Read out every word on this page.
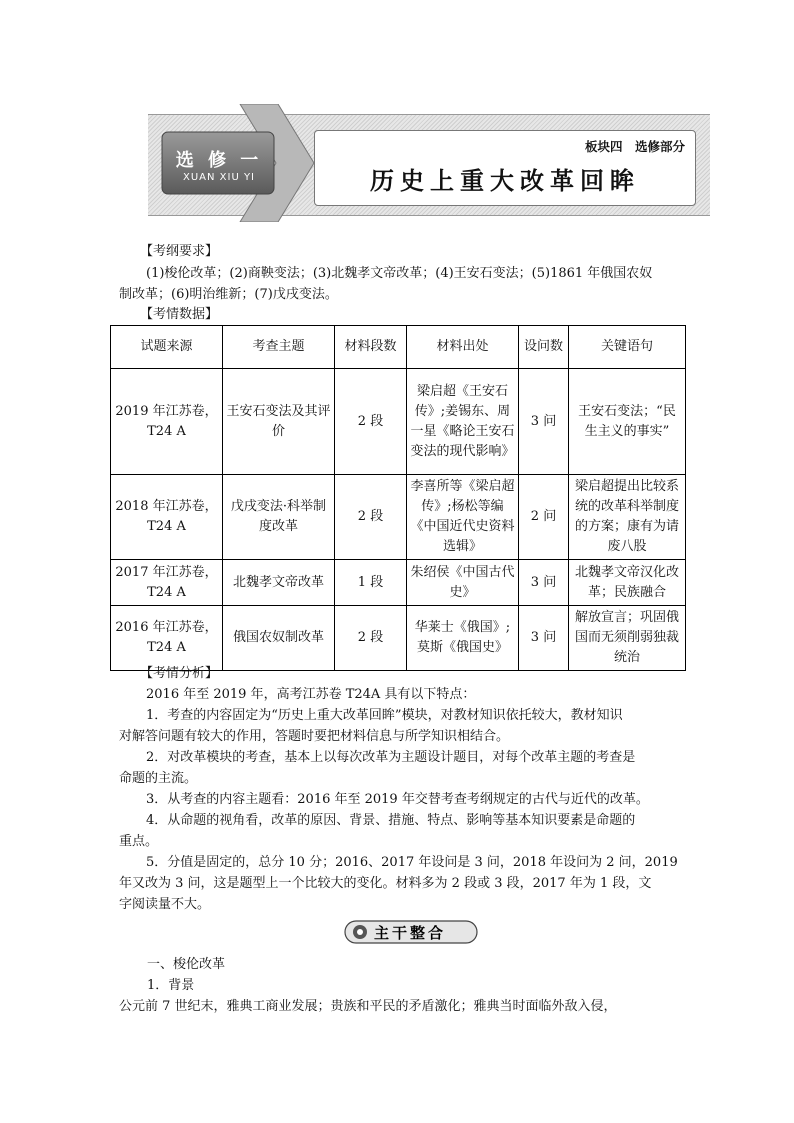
选 修 一
XUAN XIU YI
板块四　选修部分
历史上重大改革回眸
【考纲要求】
(1)梭伦改革；(2)商鞅变法；(3)北魏孝文帝改革；(4)王安石变法；(5)1861 年俄国农奴
制改革；(6)明治维新；(7)戊戌变法。
【考情数据】
试题来源	考查主题	材料段数	材料出处	设问数	关键语句
2019 年江苏卷，T24 A	王安石变法及其评价	2 段	梁启超《王安石传》;姜锡东、周一星《略论王安石变法的现代影响》	3 问	王安石变法；“民生主义的事实”
2018 年江苏卷，T24 A	戊戌变法·科举制度改革	2 段	李喜所等《梁启超传》;杨松等编《中国近代史资料选辑》	2 问	梁启超提出比较系统的改革科举制度的方案；康有为请废八股
2017 年江苏卷，T24 A	北魏孝文帝改革	1 段	朱绍侯《中国古代史》	3 问	北魏孝文帝汉化改革；民族融合
2016 年江苏卷，T24 A	俄国农奴制改革	2 段	华莱士《俄国》;莫斯《俄国史》	3 问	解放宣言；巩固俄国而无须削弱独裁统治
【考情分析】
2016 年至 2019 年，高考江苏卷 T24A 具有以下特点：
1．考查的内容固定为“历史上重大改革回眸”模块，对教材知识依托较大，教材知识
对解答问题有较大的作用，答题时要把材料信息与所学知识相结合。
2．对改革模块的考查，基本上以每次改革为主题设计题目，对每个改革主题的考查是
命题的主流。
3．从考查的内容主题看：2016 年至 2019 年交替考查考纲规定的古代与近代的改革。
4．从命题的视角看，改革的原因、背景、措施、特点、影响等基本知识要素是命题的
重点。
5．分值是固定的，总分 10 分；2016、2017 年设问是 3 问，2018 年设问为 2 问，2019
年又改为 3 问，这是题型上一个比较大的变化。材料多为 2 段或 3 段，2017 年为 1 段，文
字阅读量不大。
主干整合
一、梭伦改革
1．背景
公元前 7 世纪末，雅典工商业发展；贵族和平民的矛盾激化；雅典当时面临外敌入侵，
